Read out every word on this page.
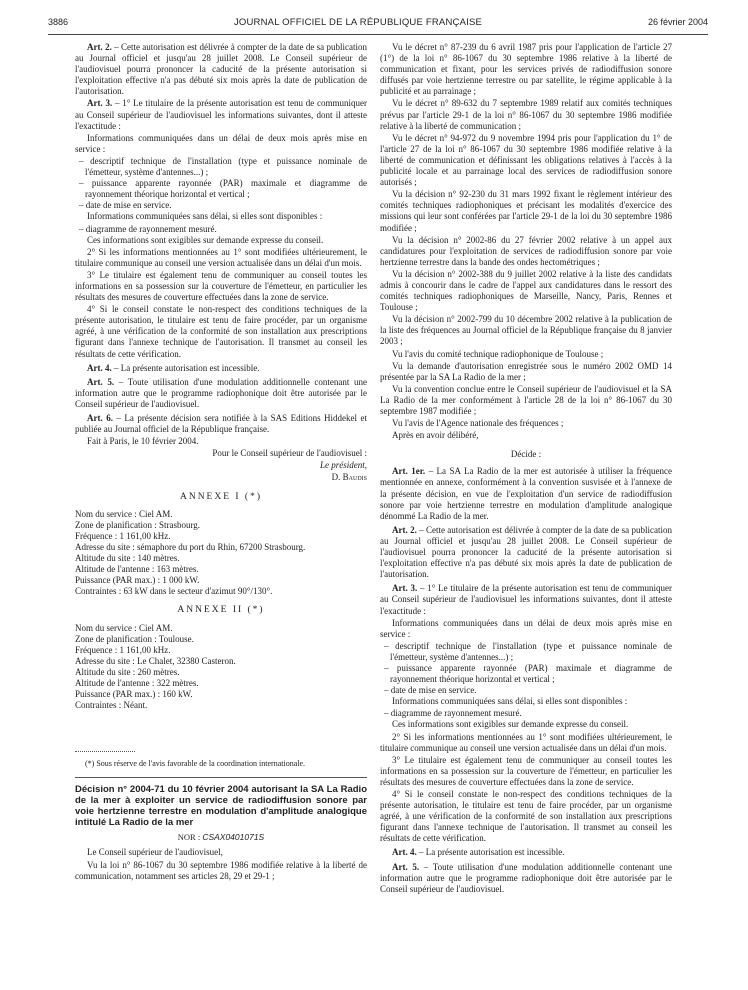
3886	JOURNAL OFFICIEL DE LA RÉPUBLIQUE FRANÇAISE	26 février 2004

Art. 2. – Cette autorisation est délivrée à compter de la date de sa publication au Journal officiel et jusqu'au 28 juillet 2008. Le Conseil supérieur de l'audiovisuel pourra prononcer la caducité de la présente autorisation si l'exploitation effective n'a pas débuté six mois après la date de publication de l'autorisation.

Art. 3. – 1° Le titulaire de la présente autorisation est tenu de communiquer au Conseil supérieur de l'audiovisuel les informations suivantes, dont il atteste l'exactitude :

Informations communiquées dans un délai de deux mois après mise en service :

– descriptif technique de l'installation (type et puissance nominale de l'émetteur, système d'antennes...) ;

– puissance apparente rayonnée (PAR) maximale et diagramme de rayonnement théorique horizontal et vertical ;

– date de mise en service.

Informations communiquées sans délai, si elles sont disponibles :

– diagramme de rayonnement mesuré.

Ces informations sont exigibles sur demande expresse du conseil.

2° Si les informations mentionnées au 1° sont modifiées ultérieurement, le titulaire communique au conseil une version actualisée dans un délai d'un mois.

3° Le titulaire est également tenu de communiquer au conseil toutes les informations en sa possession sur la couverture de l'émetteur, en particulier les résultats des mesures de couverture effectuées dans la zone de service.

4° Si le conseil constate le non-respect des conditions techniques de la présente autorisation, le titulaire est tenu de faire procéder, par un organisme agréé, à une vérification de la conformité de son installation aux prescriptions figurant dans l'annexe technique de l'autorisation. Il transmet au conseil les résultats de cette vérification.

Art. 4. – La présente autorisation est incessible.

Art. 5. – Toute utilisation d'une modulation additionnelle contenant une information autre que le programme radiophonique doit être autorisée par le Conseil supérieur de l'audiovisuel.

Art. 6. – La présente décision sera notifiée à la SAS Editions Hiddekel et publiée au Journal officiel de la République française.

Fait à Paris, le 10 février 2004.

Pour le Conseil supérieur de l'audiovisuel :

Le président,

D. Baudis

ANNEXE I (*)

Nom du service : Ciel AM.

Zone de planification : Strasbourg.

Fréquence : 1 161,00 kHz.

Adresse du site : sémaphore du port du Rhin, 67200 Strasbourg.

Altitude du site : 140 mètres.

Altitude de l'antenne : 163 mètres.

Puissance (PAR max.) : 1 000 kW.

Contraintes : 63 kW dans le secteur d'azimut 90°/130°.

ANNEXE II (*)

Nom du service : Ciel AM.

Zone de planification : Toulouse.

Fréquence : 1 161,00 kHz.

Adresse du site : Le Chalet, 32380 Casteron.

Altitude du site : 260 mètres.

Altitude de l'antenne : 322 mètres.

Puissance (PAR max.) : 160 kW.

Contraintes : Néant.

(*) Sous réserve de l'avis favorable de la coordination internationale.

Décision n° 2004-71 du 10 février 2004 autorisant la SA La Radio de la mer à exploiter un service de radiodiffusion sonore par voie hertzienne terrestre en modulation d'amplitude analogique intitulé La Radio de la mer

NOR : CSAX0401071S

Le Conseil supérieur de l'audiovisuel,

Vu la loi n° 86-1067 du 30 septembre 1986 modifiée relative à la liberté de communication, notamment ses articles 28, 29 et 29-1 ;

Vu le décret n° 87-239 du 6 avril 1987 pris pour l'application de l'article 27 (1°) de la loi n° 86-1067 du 30 septembre 1986 relative à la liberté de communication et fixant, pour les services privés de radiodiffusion sonore diffusés par voie hertzienne terrestre ou par satellite, le régime applicable à la publicité et au parrainage ;

Vu le décret n° 89-632 du 7 septembre 1989 relatif aux comités techniques prévus par l'article 29-1 de la loi n° 86-1067 du 30 septembre 1986 modifiée relative à la liberté de communication ;

Vu le décret n° 94-972 du 9 novembre 1994 pris pour l'application du 1° de l'article 27 de la loi n° 86-1067 du 30 septembre 1986 modifiée relative à la liberté de communication et définissant les obligations relatives à l'accès à la publicité locale et au parrainage local des services de radiodiffusion sonore autorisés ;

Vu la décision n° 92-230 du 31 mars 1992 fixant le règlement intérieur des comités techniques radiophoniques et précisant les modalités d'exercice des missions qui leur sont conférées par l'article 29-1 de la loi du 30 septembre 1986 modifiée ;

Vu la décision n° 2002-86 du 27 février 2002 relative à un appel aux candidatures pour l'exploitation de services de radiodiffusion sonore par voie hertzienne terrestre dans la bande des ondes hectométriques ;

Vu la décision n° 2002-388 du 9 juillet 2002 relative à la liste des candidats admis à concourir dans le cadre de l'appel aux candidatures dans le ressort des comités techniques radiophoniques de Marseille, Nancy, Paris, Rennes et Toulouse ;

Vu la décision n° 2002-799 du 10 décembre 2002 relative à la publication de la liste des fréquences au Journal officiel de la République française du 8 janvier 2003 ;

Vu l'avis du comité technique radiophonique de Toulouse ;

Vu la demande d'autorisation enregistrée sous le numéro 2002 OMD 14 présentée par la SA La Radio de la mer ;

Vu la convention conclue entre le Conseil supérieur de l'audiovisuel et la SA La Radio de la mer conformément à l'article 28 de la loi n° 86-1067 du 30 septembre 1987 modifiée ;

Vu l'avis de l'Agence nationale des fréquences ;

Après en avoir délibéré,

Décide :

Art. 1er. – La SA La Radio de la mer est autorisée à utiliser la fréquence mentionnée en annexe, conformément à la convention susvisée et à l'annexe de la présente décision, en vue de l'exploitation d'un service de radiodiffusion sonore par voie hertzienne terrestre en modulation d'amplitude analogique dénommé La Radio de la mer.

Art. 2. – Cette autorisation est délivrée à compter de la date de sa publication au Journal officiel et jusqu'au 28 juillet 2008. Le Conseil supérieur de l'audiovisuel pourra prononcer la caducité de la présente autorisation si l'exploitation effective n'a pas débuté six mois après la date de publication de l'autorisation.

Art. 3. – 1° Le titulaire de la présente autorisation est tenu de communiquer au Conseil supérieur de l'audiovisuel les informations suivantes, dont il atteste l'exactitude :

Informations communiquées dans un délai de deux mois après mise en service :

– descriptif technique de l'installation (type et puissance nominale de l'émetteur, système d'antennes...) ;

– puissance apparente rayonnée (PAR) maximale et diagramme de rayonnement théorique horizontal et vertical ;

– date de mise en service.

Informations communiquées sans délai, si elles sont disponibles :

– diagramme de rayonnement mesuré.

Ces informations sont exigibles sur demande expresse du conseil.

2° Si les informations mentionnées au 1° sont modifiées ultérieurement, le titulaire communique au conseil une version actualisée dans un délai d'un mois.

3° Le titulaire est également tenu de communiquer au conseil toutes les informations en sa possession sur la couverture de l'émetteur, en particulier les résultats des mesures de couverture effectuées dans la zone de service.

4° Si le conseil constate le non-respect des conditions techniques de la présente autorisation, le titulaire est tenu de faire procéder, par un organisme agréé, à une vérification de la conformité de son installation aux prescriptions figurant dans l'annexe technique de l'autorisation. Il transmet au conseil les résultats de cette vérification.

Art. 4. – La présente autorisation est incessible.

Art. 5. – Toute utilisation d'une modulation additionnelle contenant une information autre que le programme radiophonique doit être autorisée par le Conseil supérieur de l'audiovisuel.
